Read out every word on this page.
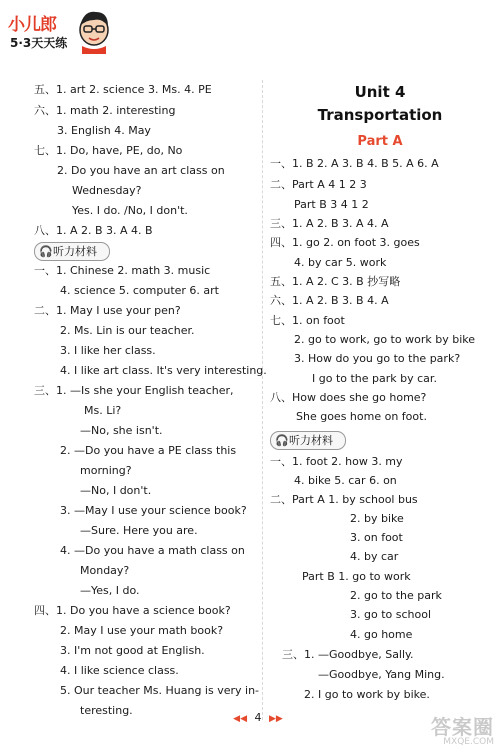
小儿郎
5·3天天练
五、1. art 2. science 3. Ms. 4. PE
六、1. math 2. interesting
3. English 4. May
七、1. Do, have, PE, do, No
2. Do you have an art class on
Wednesday?
Yes. I do. /No, I don't.
八、1. A 2. B 3. A 4. B
🎧 听力材料
一、1. Chinese 2. math 3. music
4. science 5. computer 6. art
二、1. May I use your pen?
2. Ms. Lin is our teacher.
3. I like her class.
4. I like art class. It's very interesting.
三、1. —Is she your English teacher,
Ms. Li?
—No, she isn't.
2. —Do you have a PE class this
morning?
—No, I don't.
3. —May I use your science book?
—Sure. Here you are.
4. —Do you have a math class on
Monday?
—Yes, I do.
四、1. Do you have a science book?
2. May I use your math book?
3. I'm not good at English.
4. I like science class.
5. Our teacher Ms. Huang is very in-
teresting.
Unit 4
Transportation
Part A
一、1. B 2. A 3. B 4. B 5. A 6. A
二、Part A 4 1 2 3
Part B 3 4 1 2
三、1. A 2. B 3. A 4. A
四、1. go 2. on foot 3. goes
4. by car 5. work
五、1. A 2. C 3. B 抄写略
六、1. A 2. B 3. B 4. A
七、1. on foot
2. go to work, go to work by bike
3. How do you go to the park?
I go to the park by car.
八、How does she go home?
She goes home on foot.
🎧 听力材料
一、1. foot 2. how 3. my
4. bike 5. car 6. on
二、Part A 1. by school bus
2. by bike
3. on foot
4. by car
Part B 1. go to work
2. go to the park
3. go to school
4. go home
三、1. —Goodbye, Sally.
—Goodbye, Yang Ming.
2. I go to work by bike.
◀◀ 4 ▶▶	答案圈
MXQE.COM
